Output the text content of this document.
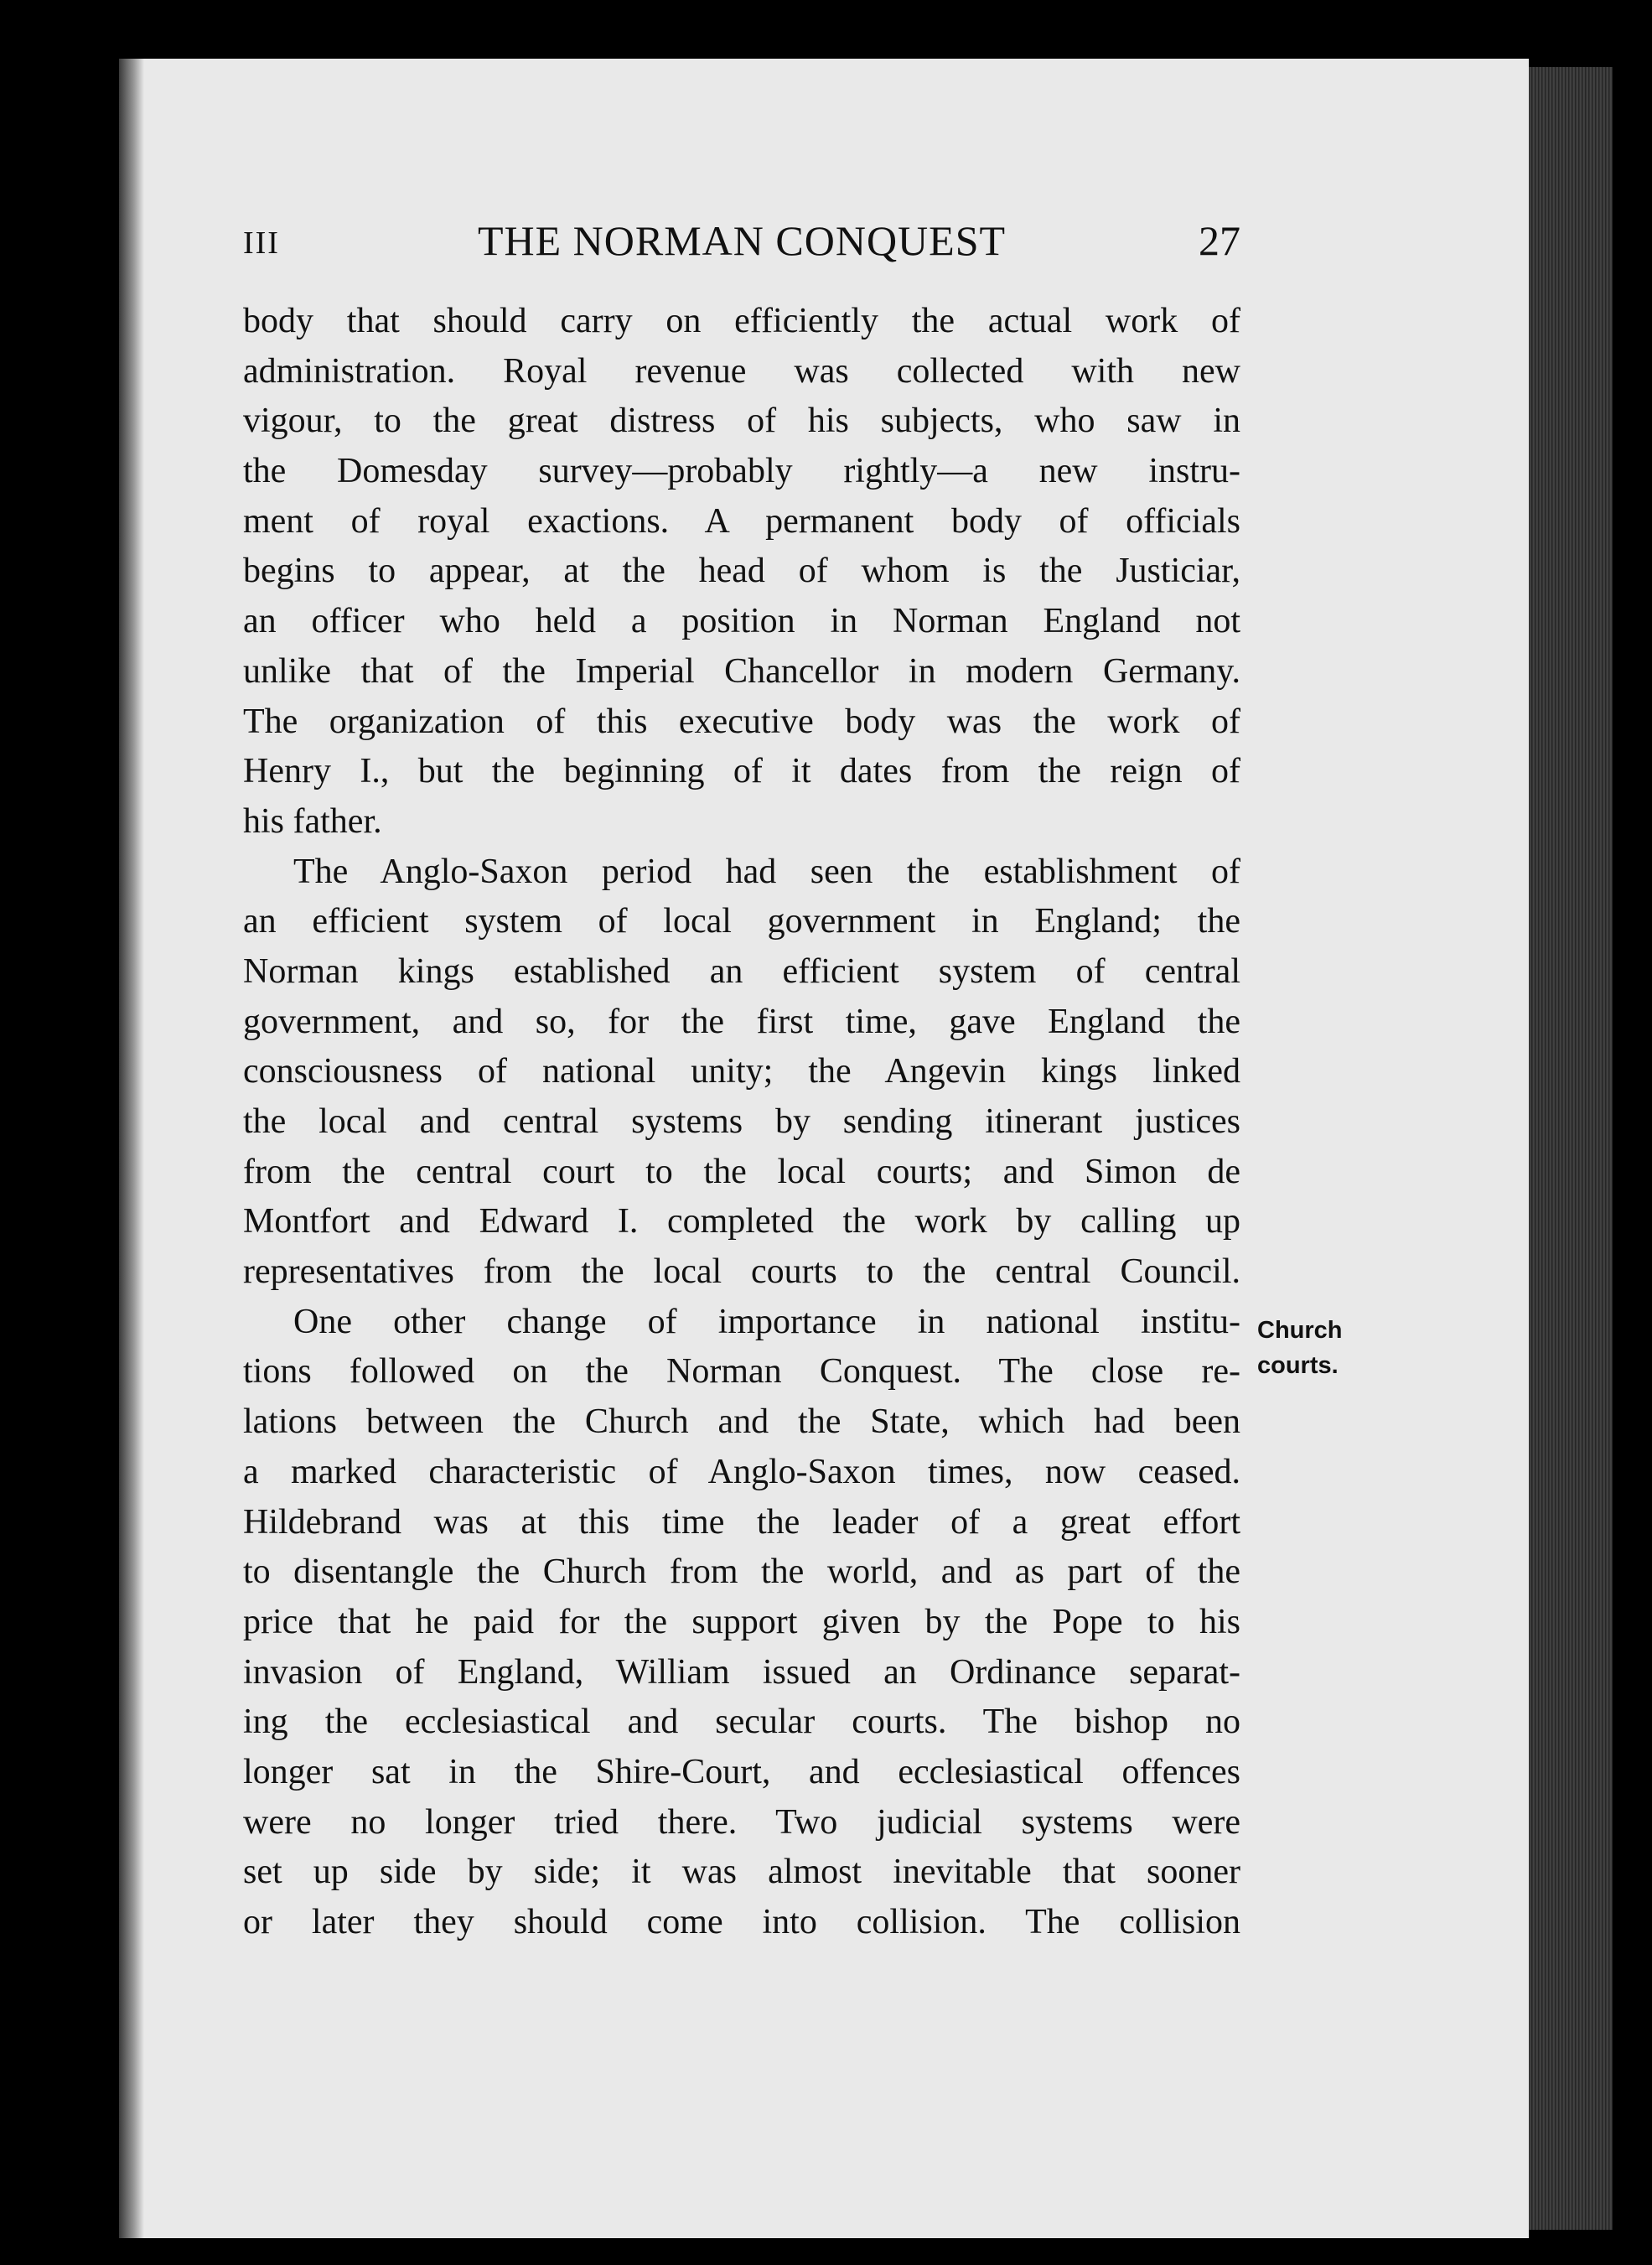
III	THE NORMAN CONQUEST	27
body that should carry on efficiently the actual work of
administration. Royal revenue was collected with new
vigour, to the great distress of his subjects, who saw in
the Domesday survey—probably rightly—a new instru-
ment of royal exactions. A permanent body of officials
begins to appear, at the head of whom is the Justiciar,
an officer who held a position in Norman England not
unlike that of the Imperial Chancellor in modern Germany.
The organization of this executive body was the work of
Henry I., but the beginning of it dates from the reign of
his father.
The Anglo-Saxon period had seen the establishment of
an efficient system of local government in England; the
Norman kings established an efficient system of central
government, and so, for the first time, gave England the
consciousness of national unity; the Angevin kings linked
the local and central systems by sending itinerant justices
from the central court to the local courts; and Simon de
Montfort and Edward I. completed the work by calling up
representatives from the local courts to the central Council.
One other change of importance in national institu-
tions followed on the Norman Conquest. The close re-
lations between the Church and the State, which had been
a marked characteristic of Anglo-Saxon times, now ceased.
Hildebrand was at this time the leader of a great effort
to disentangle the Church from the world, and as part of the
price that he paid for the support given by the Pope to his
invasion of England, William issued an Ordinance separat-
ing the ecclesiastical and secular courts. The bishop no
longer sat in the Shire-Court, and ecclesiastical offences
were no longer tried there. Two judicial systems were
set up side by side; it was almost inevitable that sooner
or later they should come into collision. The collision
Church
courts.
